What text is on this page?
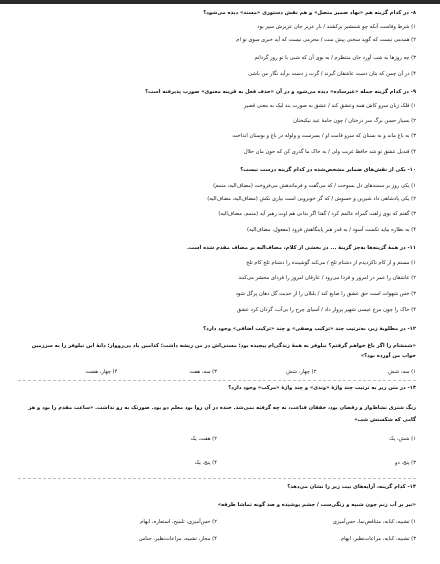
۸- در کدام گزینه هم «نهاد ضمیر متصل» و هم نقش دستوری «مسند» دیده می‌شود؟
۱) شرط وفاست آنکه چو شمشیر برکشند / بار عزیز جان عزیزش سپر بود
۲) همدمی نیست که گوید سخنی پیش منت / محرمی نیست که آید خبری سوی تو ام
۳) چه روزها به شب آورد جان منتظرم / به بوی آن که شبی با تو روز گردانم
۴) در آن چمن که بتان دست عاشقان گیرند / گرت ز دست برآید نگار من باشی
۹- در کدام گزینه جمله «غیرساده» دیده می‌شود و در آن «حذف فعل به قرینه معنوی» صورت پذیرفته است؟
۱) فلک زبان سرو کاش همه وعشق کند / عشق به صورت بند لیک به معنی قصیر
۲) بسیار حسن برگ سر درختان / چون جامهٔ عید نیکبختان
۳) به باغ ماند و به بستان که سرو قامت او / بسرست و ولوله در باغ و بوستان انداخت
۴) قندیل عشق تو شد حافظ غریب ولی / به خاک ما گذری کن که خون مان حلال
۱۰- یکی از نقش‌های ضمایر مشخص‌شده در کدام گزینه درست نیست؟
۱) یکی روز بر سمندهای دل بسوخت / که می‌گفت و فرماندهش می‌فروخت (مضاف‌الیه، متمم)
۲) یکی پادشاهی داد شیرین و خسوش / که گر خوبرویی است بیاری بکش (مضاف‌الیه، مضاف‌الیه)
۳) گفتم که بوی زلفت گمراه عالمم کرد / گفتا اگر بدانی هم اوت رهبر آید (متمم، مضاف‌الیه)
۴) به نظاره بیاید تکست آسود / به قدر هنر پاینگاهش فزود (مفعول، مضاف‌الیه)
۱۱- در همهٔ گزینه‌ها به‌جز گزینهٔ ... در بخشی از کلام، مضاف‌الیه بر مضاف مقدم شده است.
۱) مستم و از کام تاکردیدم از دشنام تلخ / می‌کند گوشینده را دشنام تلخ کام تلخ
۲) عاشقان را عمر در امروز و فردا می‌رود / عارفان امروز را فردای محشر می‌کنند
۳) خس شهوات است حق عشق را صایع کند / بلبلان را از حدیث گل دهان پرگل شود
۴) خاک را چون مرغ عیسی شهپر پرواز داد / آسیای چرخ را بی‌آب، گردان کرد عشق
۱۲- در مطلوبهٔ زیر، به‌ترتیب چند «ترکیب وصفی» و چند «ترکیب اضافی» وجود دارد؟
«شمشام را اگر باغ خواهم گرفتم؟ نیلوفر به همهٔ زندگی‌ام پیچیده بود؛ مستی‌اش در من ریشه داشت؛ کدامین باد پی‌رووار؛ دانهٔ این نیلوفر را به سرزمین خواب من آورده بود؟»
۱) سه، شش
۲) چهار، شش
۳) سه، هفت
۴) چهار، هشت
۱۳- در متن زیر به ترتیب چند واژهٔ «وندی» و چند واژهٔ «مرکب» وجود دارد؟
زنگ شتری نشاط‌وار و رقصان بود، خفقان قناعت، نه چه گرفته نمی‌شد. خنده در آن روا بود معلم دو بود. صورتک به رو نداشت. «ساعت مقدم را بود و هر گامی که شکستش شب»
۱) شش، یک
۲) هفت، یک
۳) پنج، دو
۴) پنج، یک
۱۴- کدام گزینه، آرایه‌های بیت زیر را نشان می‌دهد؟
«تیر بر آب زنم چون شبیه و زنگی‌ست / جشم پوشیده و صد گونه تماشا طرفه»
۱) تشبیه، کنایه، متناقض‌نما، حس‌آمیزی
۲) حس‌آمیزی، تلمیح، استعاره، ایهام
۳) تشبیه، کنایه، مراعات‌نظیر، ایهام
۴) مجاز، تشبیه، مراعات‌نظیر، جناس
